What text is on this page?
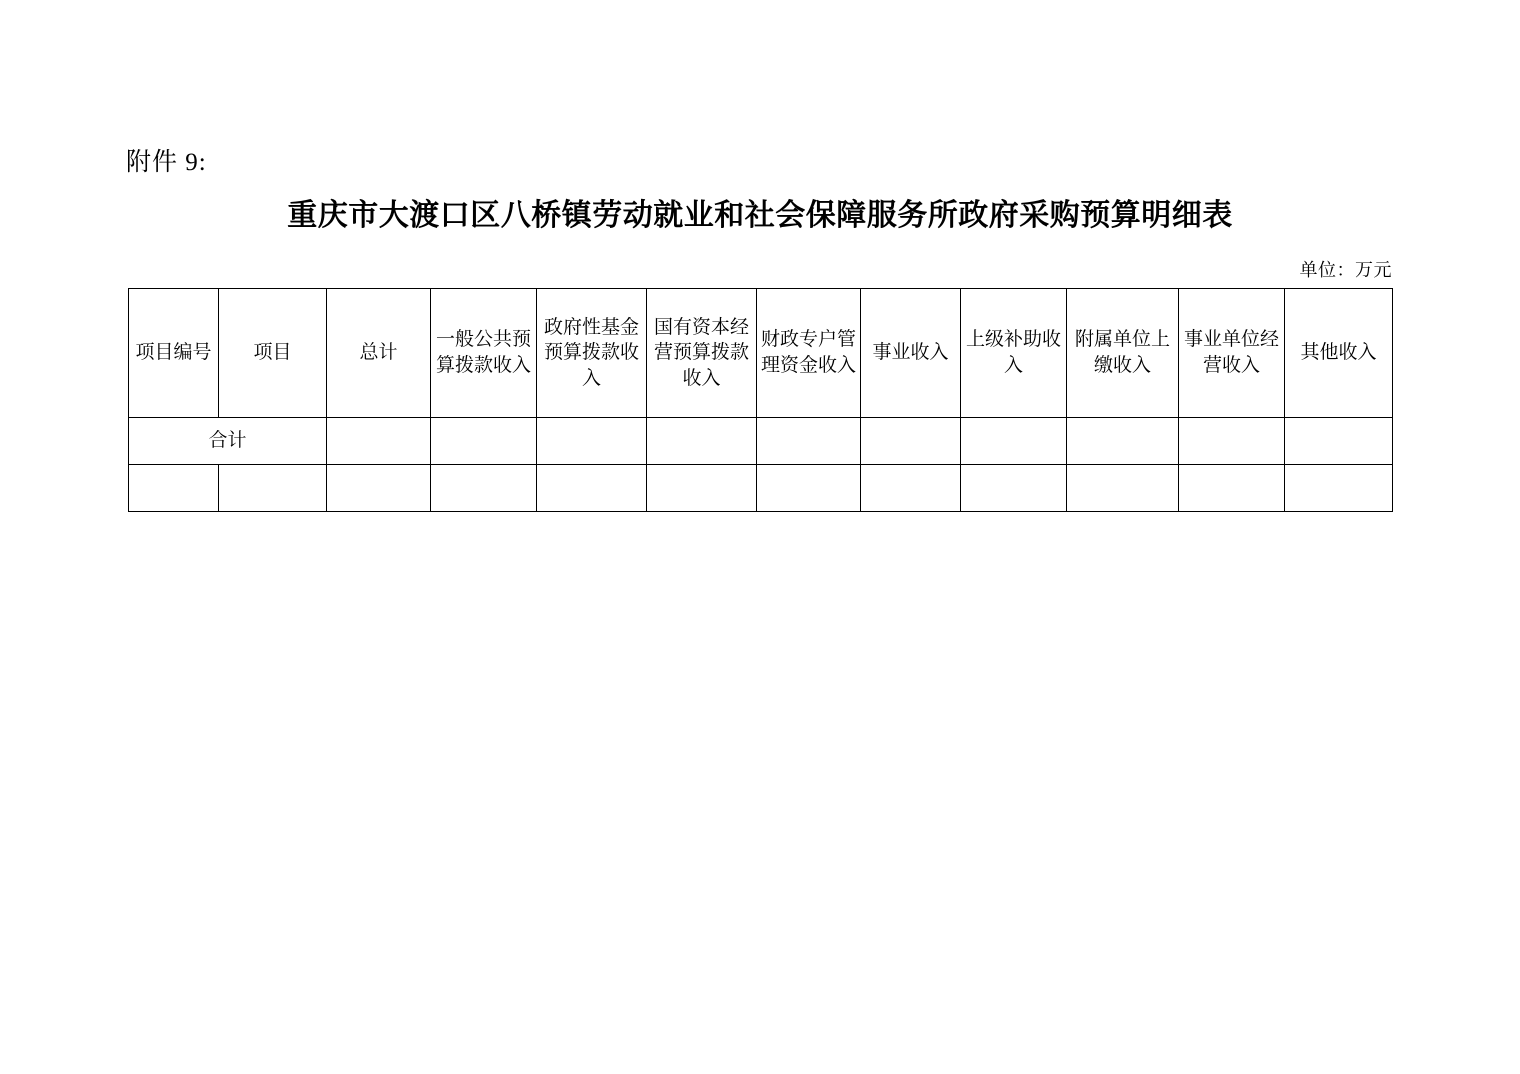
附件 9:
重庆市大渡口区八桥镇劳动就业和社会保障服务所政府采购预算明细表
单位：万元
项目编号	项目	总计	一般公共预算拨款收入	政府性基金预算拨款收入	国有资本经营预算拨款收入	财政专户管理资金收入	事业收入	上级补助收入	附属单位上缴收入	事业单位经营收入	其他收入
合计											
